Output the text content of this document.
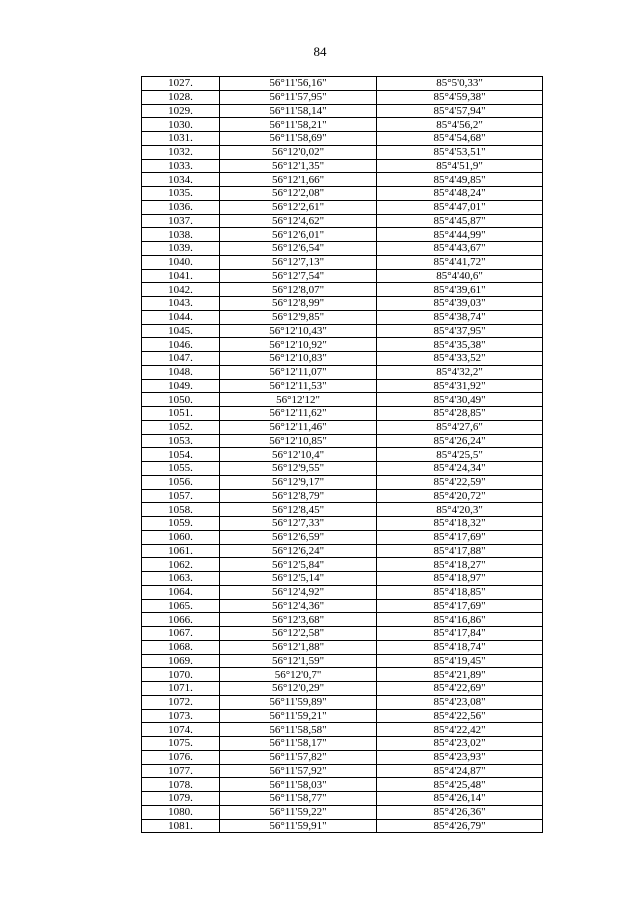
84
1027.	56°11'56,16"	85°5'0,33"
1028.	56°11'57,95"	85°4'59,38"
1029.	56°11'58,14"	85°4'57,94"
1030.	56°11'58,21"	85°4'56,2"
1031.	56°11'58,69"	85°4'54,68"
1032.	56°12'0,02"	85°4'53,51"
1033.	56°12'1,35"	85°4'51,9"
1034.	56°12'1,66"	85°4'49,85"
1035.	56°12'2,08"	85°4'48,24"
1036.	56°12'2,61"	85°4'47,01"
1037.	56°12'4,62"	85°4'45,87"
1038.	56°12'6,01"	85°4'44,99"
1039.	56°12'6,54"	85°4'43,67"
1040.	56°12'7,13"	85°4'41,72"
1041.	56°12'7,54"	85°4'40,6"
1042.	56°12'8,07"	85°4'39,61"
1043.	56°12'8,99"	85°4'39,03"
1044.	56°12'9,85"	85°4'38,74"
1045.	56°12'10,43"	85°4'37,95"
1046.	56°12'10,92"	85°4'35,38"
1047.	56°12'10,83"	85°4'33,52"
1048.	56°12'11,07"	85°4'32,2"
1049.	56°12'11,53"	85°4'31,92"
1050.	56°12'12"	85°4'30,49"
1051.	56°12'11,62"	85°4'28,85"
1052.	56°12'11,46"	85°4'27,6"
1053.	56°12'10,85"	85°4'26,24"
1054.	56°12'10,4"	85°4'25,5"
1055.	56°12'9,55"	85°4'24,34"
1056.	56°12'9,17"	85°4'22,59"
1057.	56°12'8,79"	85°4'20,72"
1058.	56°12'8,45"	85°4'20,3"
1059.	56°12'7,33"	85°4'18,32"
1060.	56°12'6,59"	85°4'17,69"
1061.	56°12'6,24"	85°4'17,88"
1062.	56°12'5,84"	85°4'18,27"
1063.	56°12'5,14"	85°4'18,97"
1064.	56°12'4,92"	85°4'18,85"
1065.	56°12'4,36"	85°4'17,69"
1066.	56°12'3,68"	85°4'16,86"
1067.	56°12'2,58"	85°4'17,84"
1068.	56°12'1,88"	85°4'18,74"
1069.	56°12'1,59"	85°4'19,45"
1070.	56°12'0,7"	85°4'21,89"
1071.	56°12'0,29"	85°4'22,69"
1072.	56°11'59,89"	85°4'23,08"
1073.	56°11'59,21"	85°4'22,56"
1074.	56°11'58,58"	85°4'22,42"
1075.	56°11'58,17"	85°4'23,02"
1076.	56°11'57,82"	85°4'23,93"
1077.	56°11'57,92"	85°4'24,87"
1078.	56°11'58,03"	85°4'25,48"
1079.	56°11'58,77"	85°4'26,14"
1080.	56°11'59,22"	85°4'26,36"
1081.	56°11'59,91"	85°4'26,79"
